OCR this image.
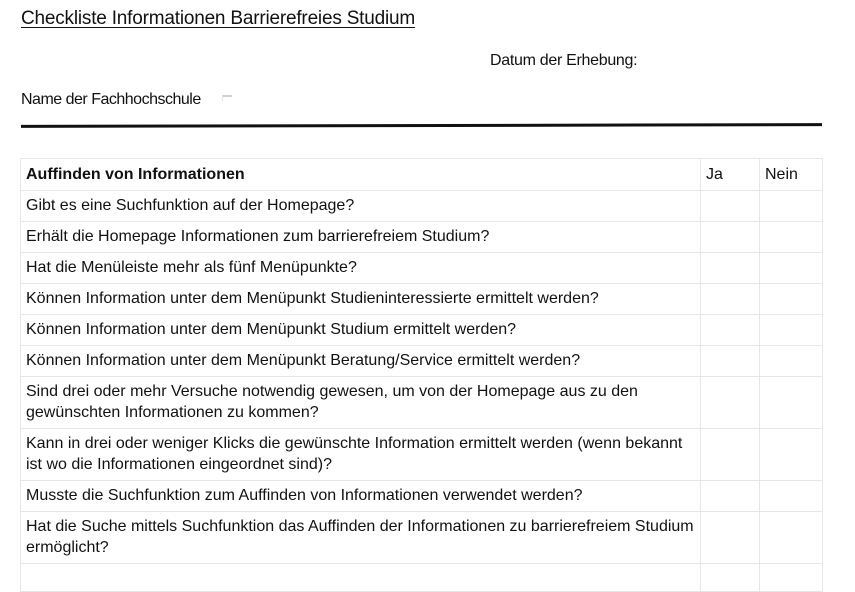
Checkliste Informationen Barrierefreies Studium
Datum der Erhebung:
Name der Fachhochschule
Auffinden von Informationen	Ja	Nein
Gibt es eine Suchfunktion auf der Homepage?		
Erhält die Homepage Informationen zum barrierefreiem Studium?		
Hat die Menüleiste mehr als fünf Menüpunkte?		
Können Information unter dem Menüpunkt Studieninteressierte ermittelt werden?		
Können Information unter dem Menüpunkt Studium ermittelt werden?		
Können Information unter dem Menüpunkt Beratung/Service ermittelt werden?		
Sind drei oder mehr Versuche notwendig gewesen, um von der Homepage aus zu den gewünschten Informationen zu kommen?		
Kann in drei oder weniger Klicks die gewünschte Information ermittelt werden (wenn bekannt ist wo die Informationen eingeordnet sind)?		
Musste die Suchfunktion zum Auffinden von Informationen verwendet werden?		
Hat die Suche mittels Suchfunktion das Auffinden der Informationen zu barrierefreiem Studium ermöglicht?		
